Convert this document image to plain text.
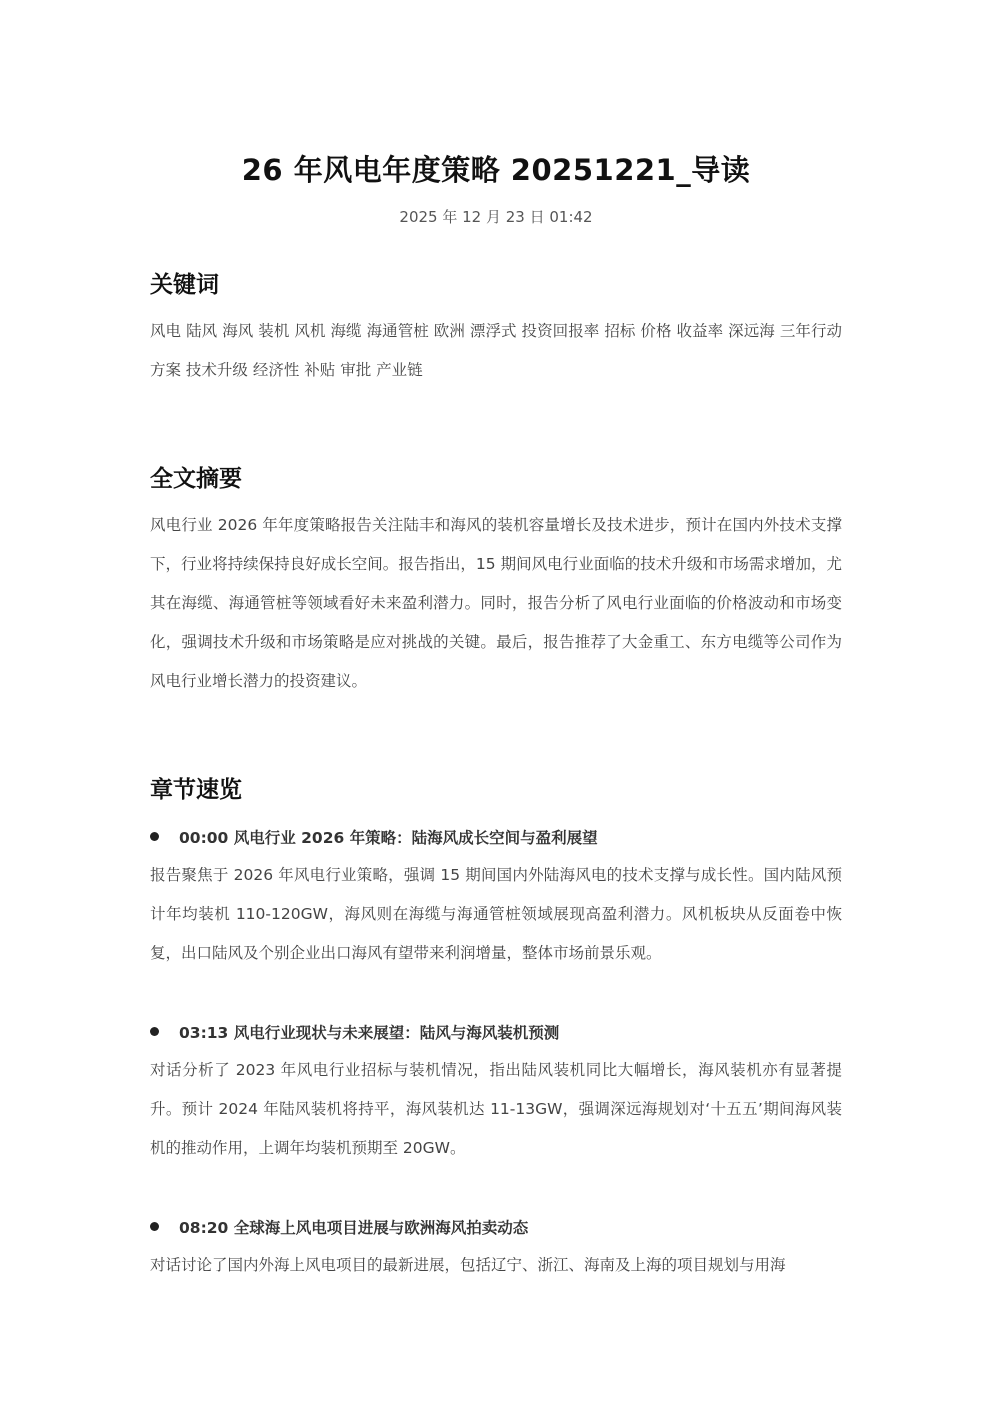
26 年风电年度策略 20251221_导读
2025 年 12 月 23 日 01:42
关键词
风电 陆风 海风 装机 风机 海缆 海通管桩 欧洲 漂浮式 投资回报率 招标 价格 收益率 深远海 三年行动方案 技术升级 经济性 补贴 审批 产业链
全文摘要
风电行业 2026 年年度策略报告关注陆丰和海风的装机容量增长及技术进步，预计在国内外技术支撑下，行业将持续保持良好成长空间。报告指出，15 期间风电行业面临的技术升级和市场需求增加，尤其在海缆、海通管桩等领域看好未来盈利潜力。同时，报告分析了风电行业面临的价格波动和市场变化，强调技术升级和市场策略是应对挑战的关键。最后，报告推荐了大金重工、东方电缆等公司作为风电行业增长潜力的投资建议。
章节速览
00:00 风电行业 2026 年策略：陆海风成长空间与盈利展望
报告聚焦于 2026 年风电行业策略，强调 15 期间国内外陆海风电的技术支撑与成长性。国内陆风预计年均装机 110-120GW，海风则在海缆与海通管桩领域展现高盈利潜力。风机板块从反面卷中恢复，出口陆风及个别企业出口海风有望带来利润增量，整体市场前景乐观。
03:13 风电行业现状与未来展望：陆风与海风装机预测
对话分析了 2023 年风电行业招标与装机情况，指出陆风装机同比大幅增长，海风装机亦有显著提升。预计 2024 年陆风装机将持平，海风装机达 11-13GW，强调深远海规划对‘十五五’期间海风装机的推动作用，上调年均装机预期至 20GW。
08:20 全球海上风电项目进展与欧洲海风拍卖动态
对话讨论了国内外海上风电项目的最新进展，包括辽宁、浙江、海南及上海的项目规划与用海
